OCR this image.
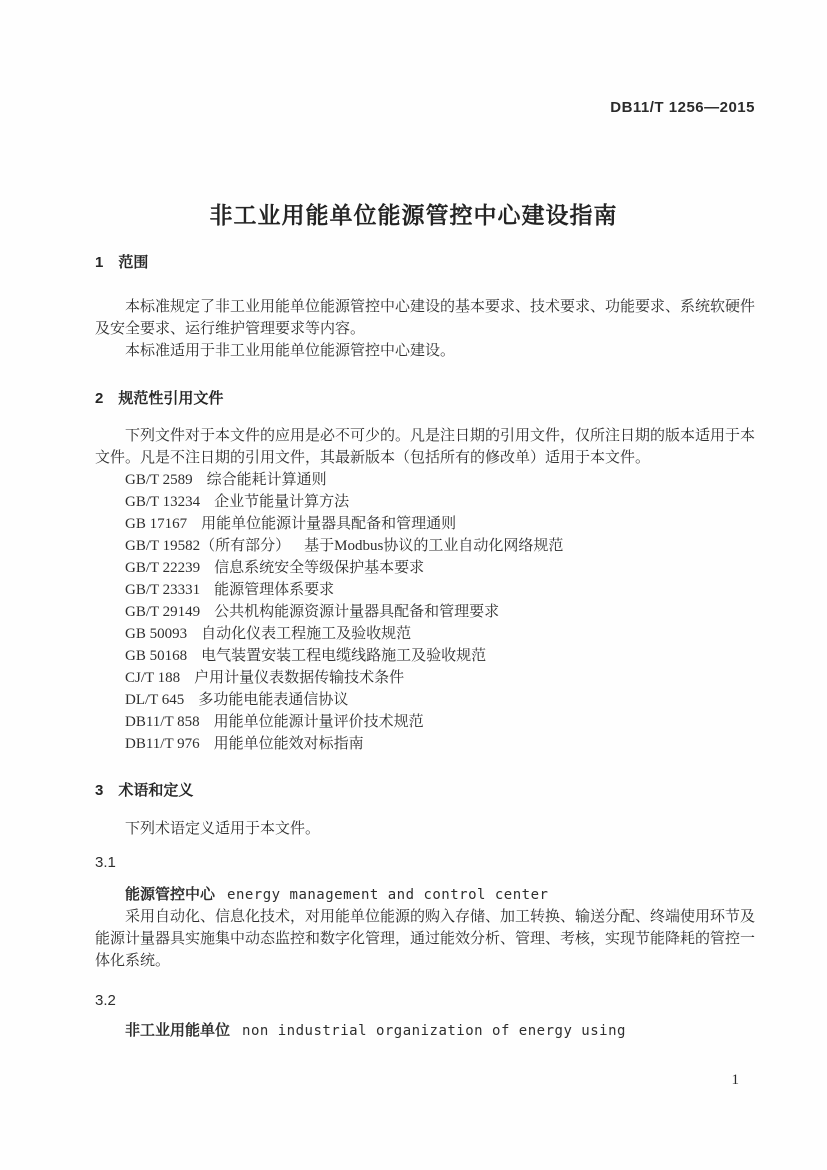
DB11/T 1256—2015
非工业用能单位能源管控中心建设指南
1 范围

本标准规定了非工业用能单位能源管控中心建设的基本要求、技术要求、功能要求、系统软硬件及安全要求、运行维护管理要求等内容。

本标准适用于非工业用能单位能源管控中心建设。

2 规范性引用文件

下列文件对于本文件的应用是必不可少的。凡是注日期的引用文件，仅所注日期的版本适用于本文件。凡是不注日期的引用文件，其最新版本（包括所有的修改单）适用于本文件。

GB/T 2589 综合能耗计算通则
GB/T 13234 企业节能量计算方法
GB 17167 用能单位能源计量器具配备和管理通则
GB/T 19582（所有部分） 基于Modbus协议的工业自动化网络规范
GB/T 22239 信息系统安全等级保护基本要求
GB/T 23331 能源管理体系要求
GB/T 29149 公共机构能源资源计量器具配备和管理要求
GB 50093 自动化仪表工程施工及验收规范
GB 50168 电气装置安装工程电缆线路施工及验收规范
CJ/T 188 户用计量仪表数据传输技术条件
DL/T 645 多功能电能表通信协议
DB11/T 858 用能单位能源计量评价技术规范
DB11/T 976 用能单位能效对标指南
3 术语和定义

下列术语定义适用于本文件。

3.1

能源管控中心 energy management and control center

采用自动化、信息化技术，对用能单位能源的购入存储、加工转换、输送分配、终端使用环节及能源计量器具实施集中动态监控和数字化管理，通过能效分析、管理、考核，实现节能降耗的管控一体化系统。

3.2

非工业用能单位 non industrial organization of energy using

1
